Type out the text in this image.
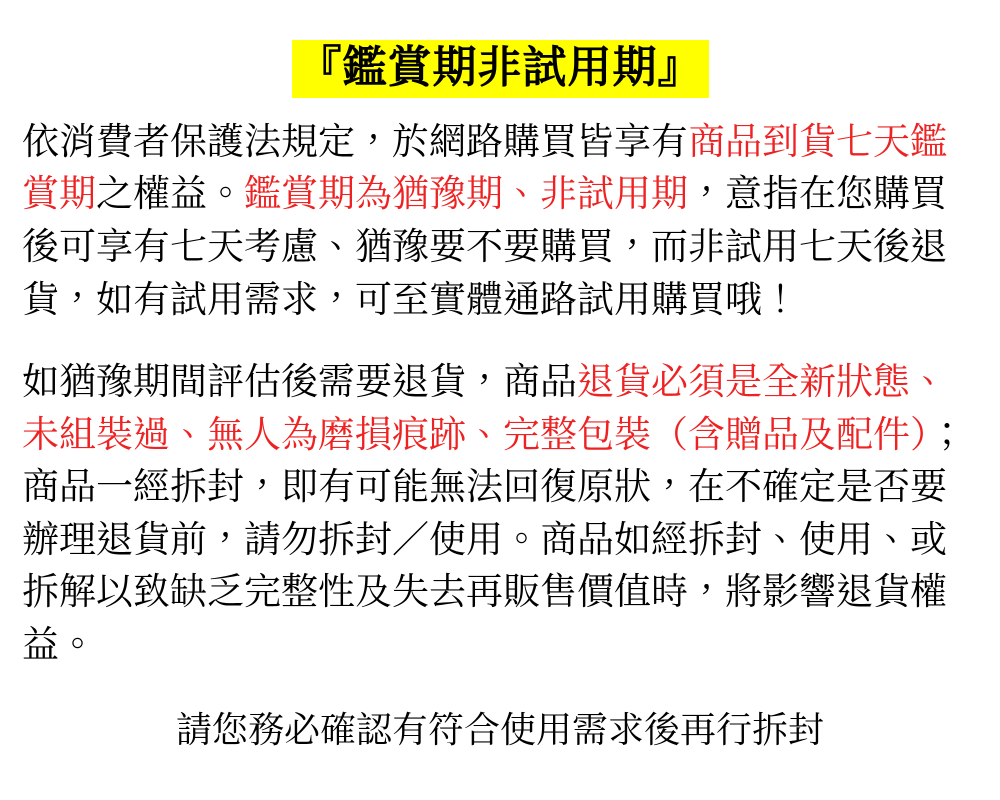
『鑑賞期非試用期』

依消費者保護法規定，於網路購買皆享有商品到貨七天鑑賞期之權益。鑑賞期為猶豫期、非試用期，意指在您購買後可享有七天考慮、猶豫要不要購買，而非試用七天後退貨，如有試用需求，可至實體通路試用購買哦！

如猶豫期間評估後需要退貨，商品退貨必須是全新狀態、未組裝過、無人為磨損痕跡、完整包裝（含贈品及配件）；商品一經拆封，即有可能無法回復原狀，在不確定是否要辦理退貨前，請勿拆封／使用。商品如經拆封、使用、或拆解以致缺乏完整性及失去再販售價值時，將影響退貨權益。

請您務必確認有符合使用需求後再行拆封
